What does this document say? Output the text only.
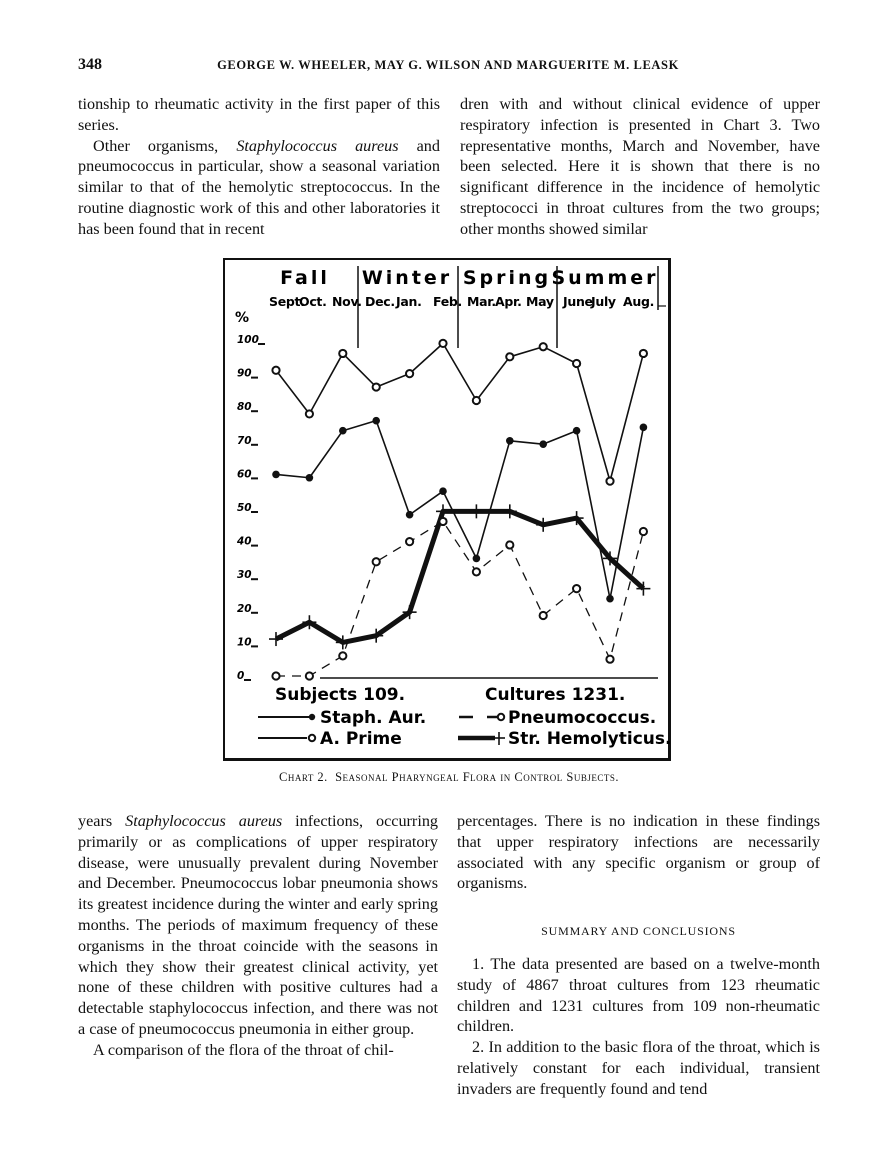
348	GEORGE W. WHEELER, MAY G. WILSON AND MARGUERITE M. LEASK

tionship to rheumatic activity in the first paper of this series.

Other organisms, Staphylococcus aureus and pneumococcus in particular, show a seasonal variation similar to that of the hemolytic streptococcus. In the routine diagnostic work of this and other laboratories it has been found that in recent

dren with and without clinical evidence of upper respiratory infection is presented in Chart 3. Two representative months, March and November, have been selected. Here it is shown that there is no significant difference in the incidence of hemolytic streptococci in throat cultures from the two groups; other months showed similar

Fall Winter Spring Summer
Sept.
Oct. Nov. Dec. Jan. Feb. Mar. Apr. May June
July Aug.
%
0
10
20
30
40
50
60
70
80
90
100
Subjects 109.	Cultures 1231.
Staph. Aur.
A. Prime
Pneumococcus.
Str. Hemolyticus.
Chart 2. Seasonal Pharyngeal Flora in Control Subjects.

years Staphylococcus aureus infections, occurring primarily or as complications of upper respiratory disease, were unusually prevalent during November and December. Pneumococcus lobar pneumonia shows its greatest incidence during the winter and early spring months. The periods of maximum frequency of these organisms in the throat coincide with the seasons in which they show their greatest clinical activity, yet none of these children with positive cultures had a detectable staphylococcus infection, and there was not a case of pneumococcus pneumonia in either group.

A comparison of the flora of the throat of chil-

percentages. There is no indication in these findings that upper respiratory infections are necessarily associated with any specific organism or group of organisms.

SUMMARY AND CONCLUSIONS

1. The data presented are based on a twelve-month study of 4867 throat cultures from 123 rheumatic children and 1231 cultures from 109 non-rheumatic children.

2. In addition to the basic flora of the throat, which is relatively constant for each individual, transient invaders are frequently found and tend
